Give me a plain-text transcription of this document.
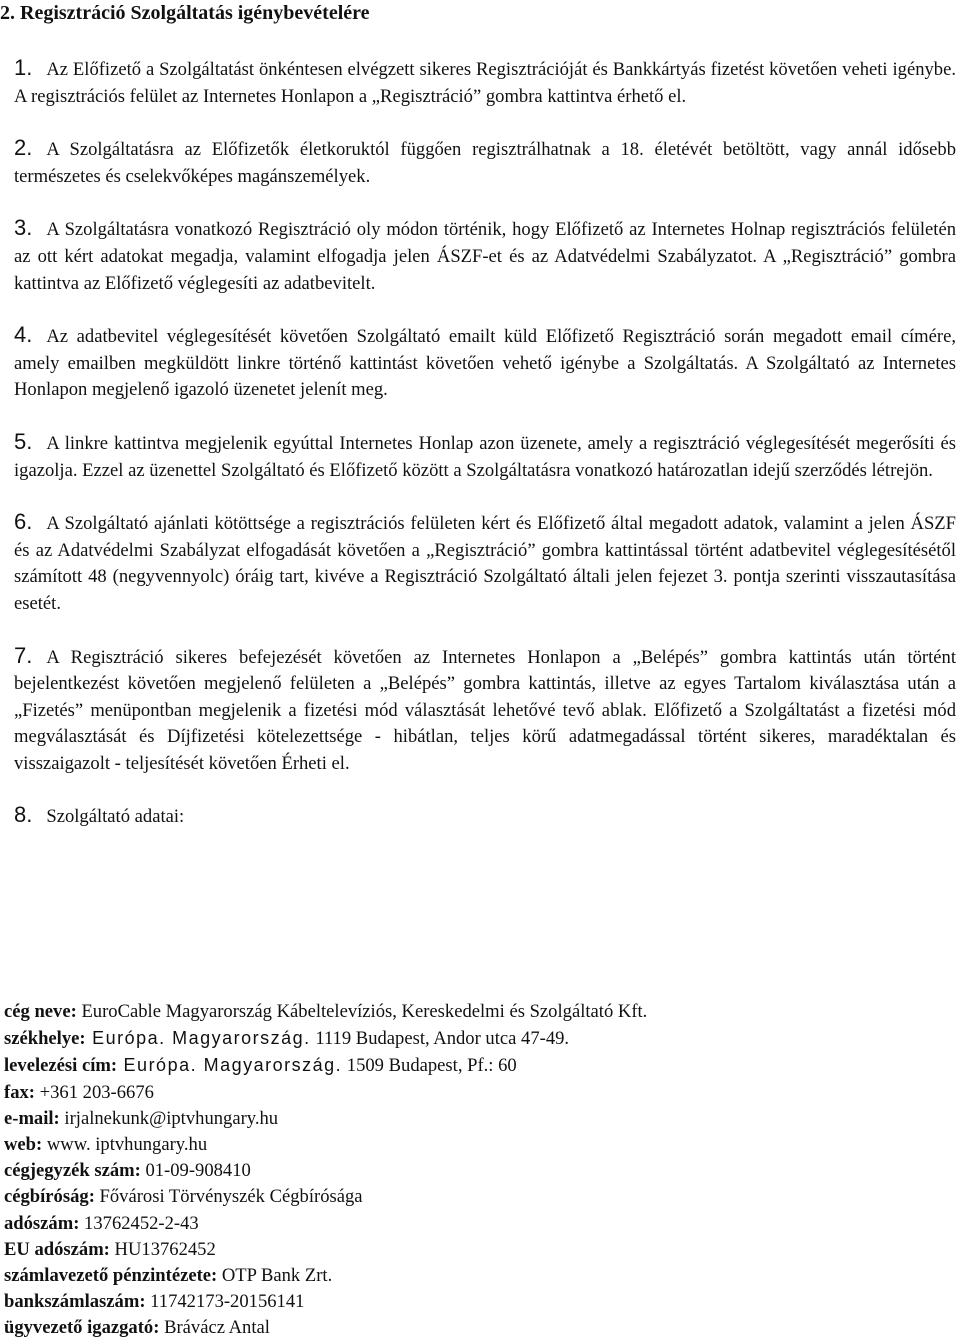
2. Regisztráció Szolgáltatás igénybevételére

1. Az Előfizető a Szolgáltatást önkéntesen elvégzett sikeres Regisztrációját és Bankkártyás fizetést követően veheti igénybe. A regisztrációs felület az Internetes Honlapon a „Regisztráció” gombra kattintva érhető el.

2. A Szolgáltatásra az Előfizetők életkoruktól függően regisztrálhatnak a 18. életévét betöltött, vagy annál idősebb természetes és cselekvőképes magánszemélyek.

3. A Szolgáltatásra vonatkozó Regisztráció oly módon történik, hogy Előfizető az Internetes Holnap regisztrációs felületén az ott kért adatokat megadja, valamint elfogadja jelen ÁSZF-et és az Adatvédelmi Szabályzatot. A „Regisztráció” gombra kattintva az Előfizető véglegesíti az adatbevitelt.

4. Az adatbevitel véglegesítését követően Szolgáltató emailt küld Előfizető Regisztráció során megadott email címére, amely emailben megküldött linkre történő kattintást követően vehető igénybe a Szolgáltatás. A Szolgáltató az Internetes Honlapon megjelenő igazoló üzenetet jelenít meg.

5. A linkre kattintva megjelenik egyúttal Internetes Honlap azon üzenete, amely a regisztráció véglegesítését megerősíti és igazolja. Ezzel az üzenettel Szolgáltató és Előfizető között a Szolgáltatásra vonatkozó határozatlan idejű szerződés létrejön.

6. A Szolgáltató ajánlati kötöttsége a regisztrációs felületen kért és Előfizető által megadott adatok, valamint a jelen ÁSZF és az Adatvédelmi Szabályzat elfogadását követően a „Regisztráció” gombra kattintással történt adatbevitel véglegesítésétől számított 48 (negyvennyolc) óráig tart, kivéve a Regisztráció Szolgáltató általi jelen fejezet 3. pontja szerinti visszautasítása esetét.

7. A Regisztráció sikeres befejezését követően az Internetes Honlapon a „Belépés” gombra kattintás után történt bejelentkezést követően megjelenő felületen a „Belépés” gombra kattintás, illetve az egyes Tartalom kiválasztása után a „Fizetés” menüpontban megjelenik a fizetési mód választását lehetővé tevő ablak. Előfizető a Szolgáltatást a fizetési mód megválasztását és Díjfizetési kötelezettsége - hibátlan, teljes körű adatmegadással történt sikeres, maradéktalan és visszaigazolt - teljesítését követően Érheti el.

8. Szolgáltató adatai:

cég neve: EuroCable Magyarország Kábeltelevíziós, Kereskedelmi és Szolgáltató Kft.
székhelye: Európa. Magyarország. 1119 Budapest, Andor utca 47-49.
levelezési cím: Európa. Magyarország. 1509 Budapest, Pf.: 60
fax: +361 203-6676
e-mail: irjalnekunk@iptvhungary.hu
web: www. iptvhungary.hu
cégjegyzék szám: 01-09-908410
cégbíróság: Fővárosi Törvényszék Cégbírósága
adószám: 13762452-2-43
EU adószám: HU13762452
számlavezető pénzintézete: OTP Bank Zrt.
bankszámlaszám: 11742173-20156141
ügyvezető igazgató: Brávácz Antal
